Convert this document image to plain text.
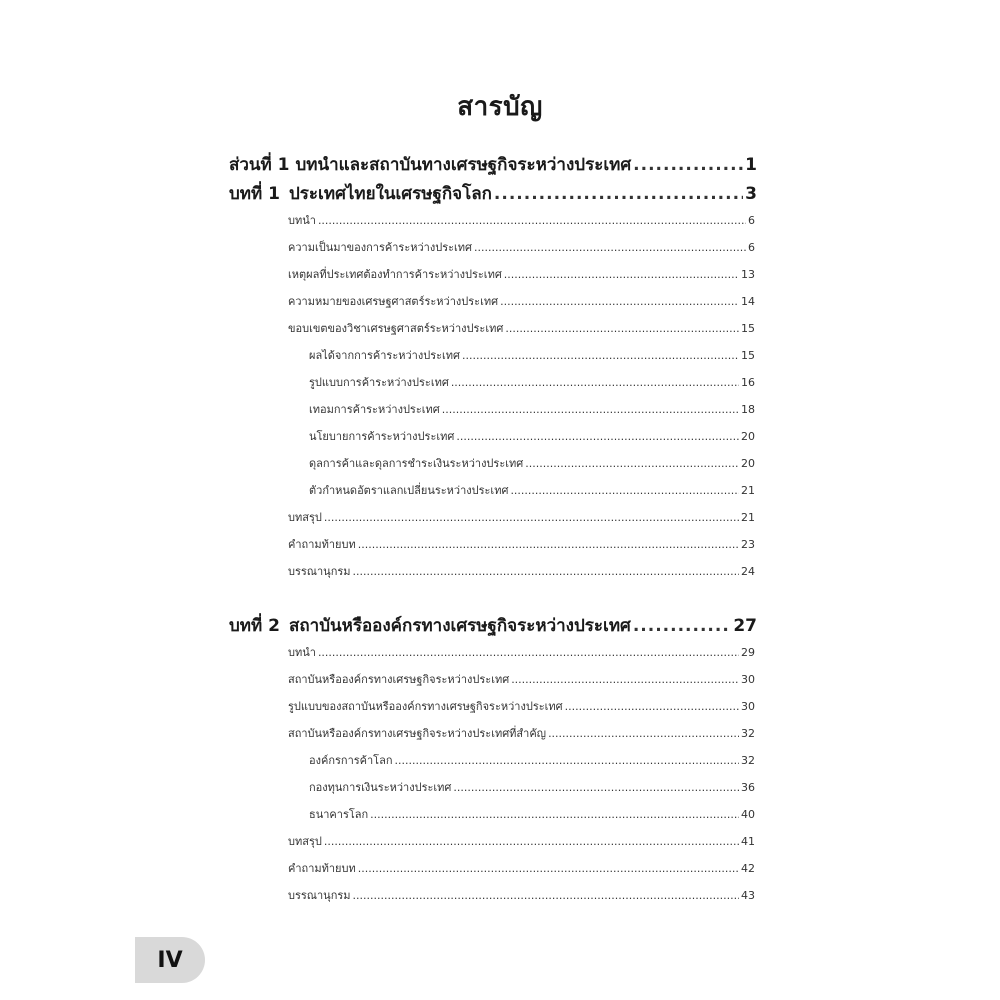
สารบัญ
ส่วนที่ 1 บทนำและสถาบันทางเศรษฐกิจระหว่างประเทศ .....	1
บทที่ 1 ประเทศไทยในเศรษฐกิจโลก .....	3
บทนำ .....	6
ความเป็นมาของการค้าระหว่างประเทศ .....	6
เหตุผลที่ประเทศต้องทำการค้าระหว่างประเทศ .....	13
ความหมายของเศรษฐศาสตร์ระหว่างประเทศ .....	14
ขอบเขตของวิชาเศรษฐศาสตร์ระหว่างประเทศ .....	15
ผลได้จากการค้าระหว่างประเทศ .....	15
รูปแบบการค้าระหว่างประเทศ .....	16
เทอมการค้าระหว่างประเทศ .....	18
นโยบายการค้าระหว่างประเทศ .....	20
ดุลการค้าและดุลการชำระเงินระหว่างประเทศ .....	20
ตัวกำหนดอัตราแลกเปลี่ยนระหว่างประเทศ .....	21
บทสรุป .....	21
คำถามท้ายบท .....	23
บรรณานุกรม .....	24
บทที่ 2 สถาบันหรือองค์กรทางเศรษฐกิจระหว่างประเทศ .....	27
บทนำ .....	29
สถาบันหรือองค์กรทางเศรษฐกิจระหว่างประเทศ .....	30
รูปแบบของสถาบันหรือองค์กรทางเศรษฐกิจระหว่างประเทศ .....	30
สถาบันหรือองค์กรทางเศรษฐกิจระหว่างประเทศที่สำคัญ .....	32
องค์กรการค้าโลก .....	32
กองทุนการเงินระหว่างประเทศ .....	36
ธนาคารโลก .....	40
บทสรุป .....	41
คำถามท้ายบท .....	42
บรรณานุกรม .....	43
IV
